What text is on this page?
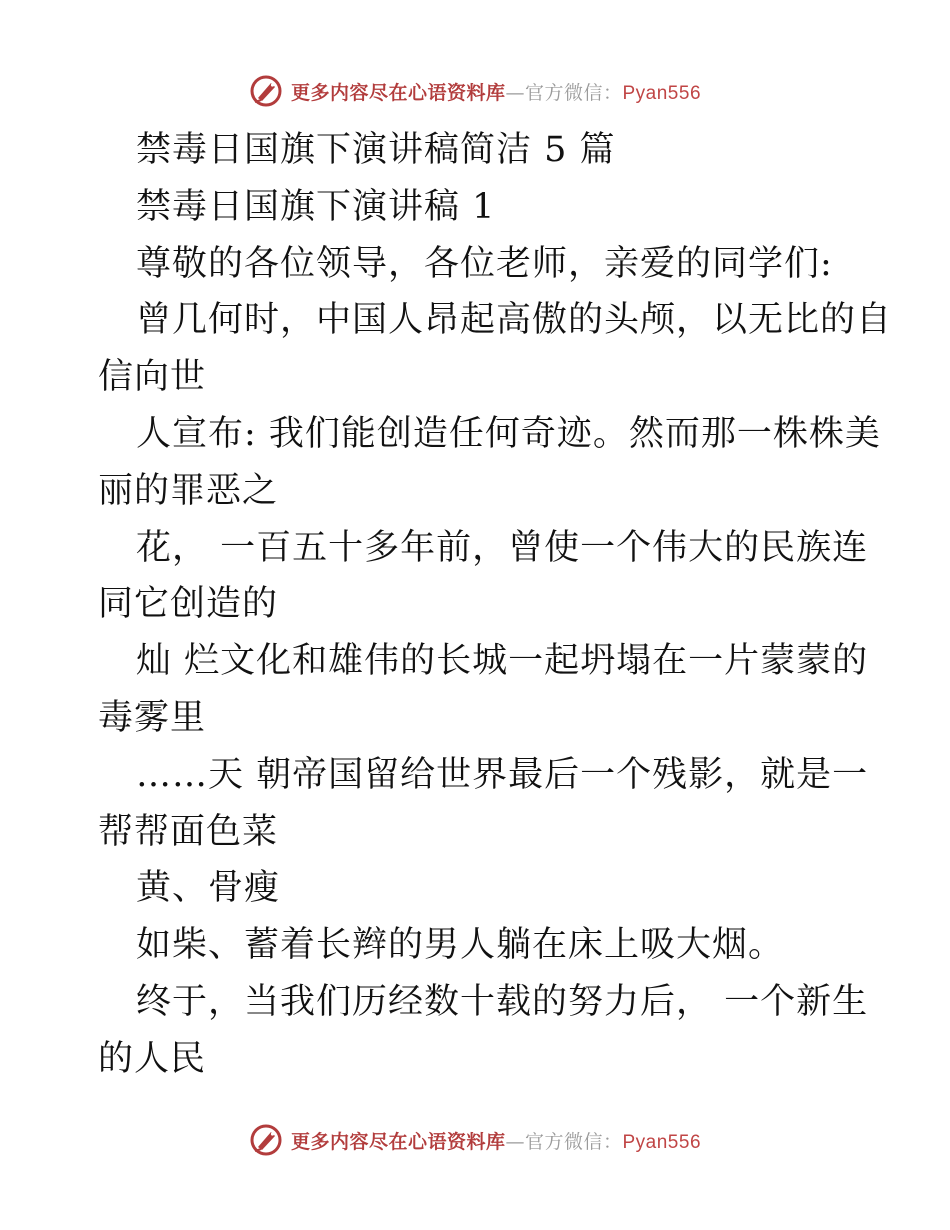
更多内容尽在心语资料库—官方微信：Pyan556
禁毒日国旗下演讲稿简洁 5 篇
禁毒日国旗下演讲稿 1
尊敬的各位领导，各位老师，亲爱的同学们:
曾几何时，中国人昂起高傲的头颅，以无比的自
信向世
人宣布: 我们能创造任何奇迹。然而那一株株美
丽的罪恶之
花， 一百五十多年前，曾使一个伟大的民族连
同它创造的
灿 烂文化和雄伟的长城一起坍塌在一片蒙蒙的
毒雾里
……天 朝帝国留给世界最后一个残影，就是一
帮帮面色菜
黄、骨瘦
如柴、蓄着长辫的男人躺在床上吸大烟。
终于，当我们历经数十载的努力后， 一个新生
的人民
更多内容尽在心语资料库—官方微信：Pyan556
